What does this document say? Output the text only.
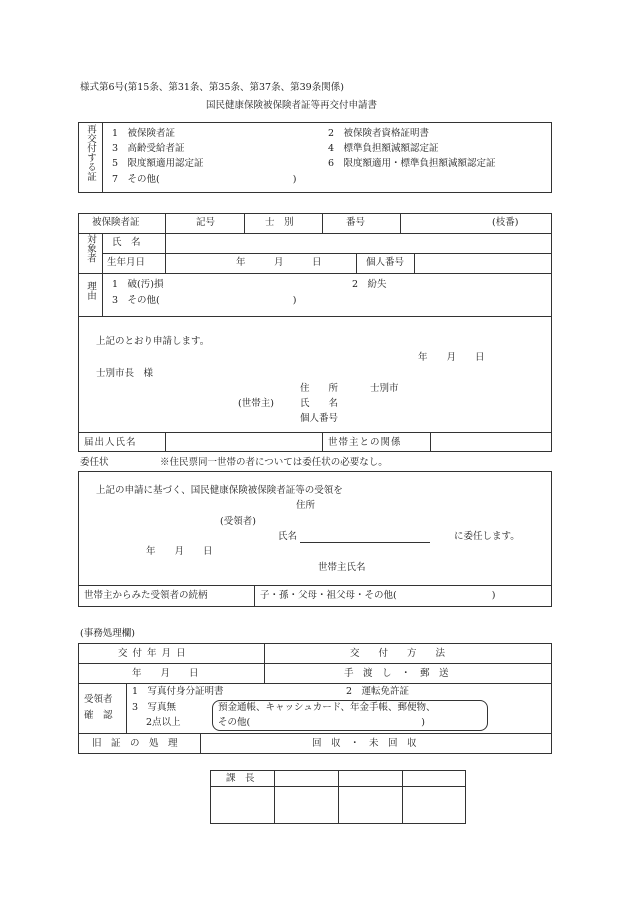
様式第6号(第15条、第31条、第35条、第37条、第39条関係)
国民健康保険被保険者証等再交付申請書
再交付する証 1　被保険者証	2　被保険者資格証明書
3　高齢受給者証	4　標準負担額減額認定証
5　限度額適用認定証	6　限度額適用・標準負担額減額認定証
7　その他(　　　　　　　　　　　　　　)
被保険者証	記号	士　別	番号	(枝番)
対象者 氏　名
生年月日	年　　　月　　　日	個人番号
理由 1　破(汚)損	2　紛失
3　その他(　　　　　　　　　　　　　　)
上記のとおり申請します。
年　　月　　日
士別市長　様
住　　所	士別市
(世帯主)	氏　　名
個人番号
届出人氏名	世帯主との関係
委任状	※住民票同一世帯の者については委任状の必要なし。
上記の申請に基づく、国民健康保険被保険者証等の受領を
住所
(受領者)
氏名	に委任します。
年　　月　　日
世帯主氏名
世帯主からみた受領者の続柄	子・孫・父母・祖父母・その他(　　　　　　　　　　)
(事務処理欄)
交 付 年 月 日	交　　付　　方　　法
年　　月　　日	手　渡　し　・　郵　送
受領者
確　認
1　写真付身分証明書	2　運転免許証
3　写真無
2点以上
預金通帳、キャッシュカード、年金手帳、郵便物、
その他(　　　　　　　　　　　　　　　　　　)
旧　証　の　処　理	回　収　・　未　回　収
課　長
